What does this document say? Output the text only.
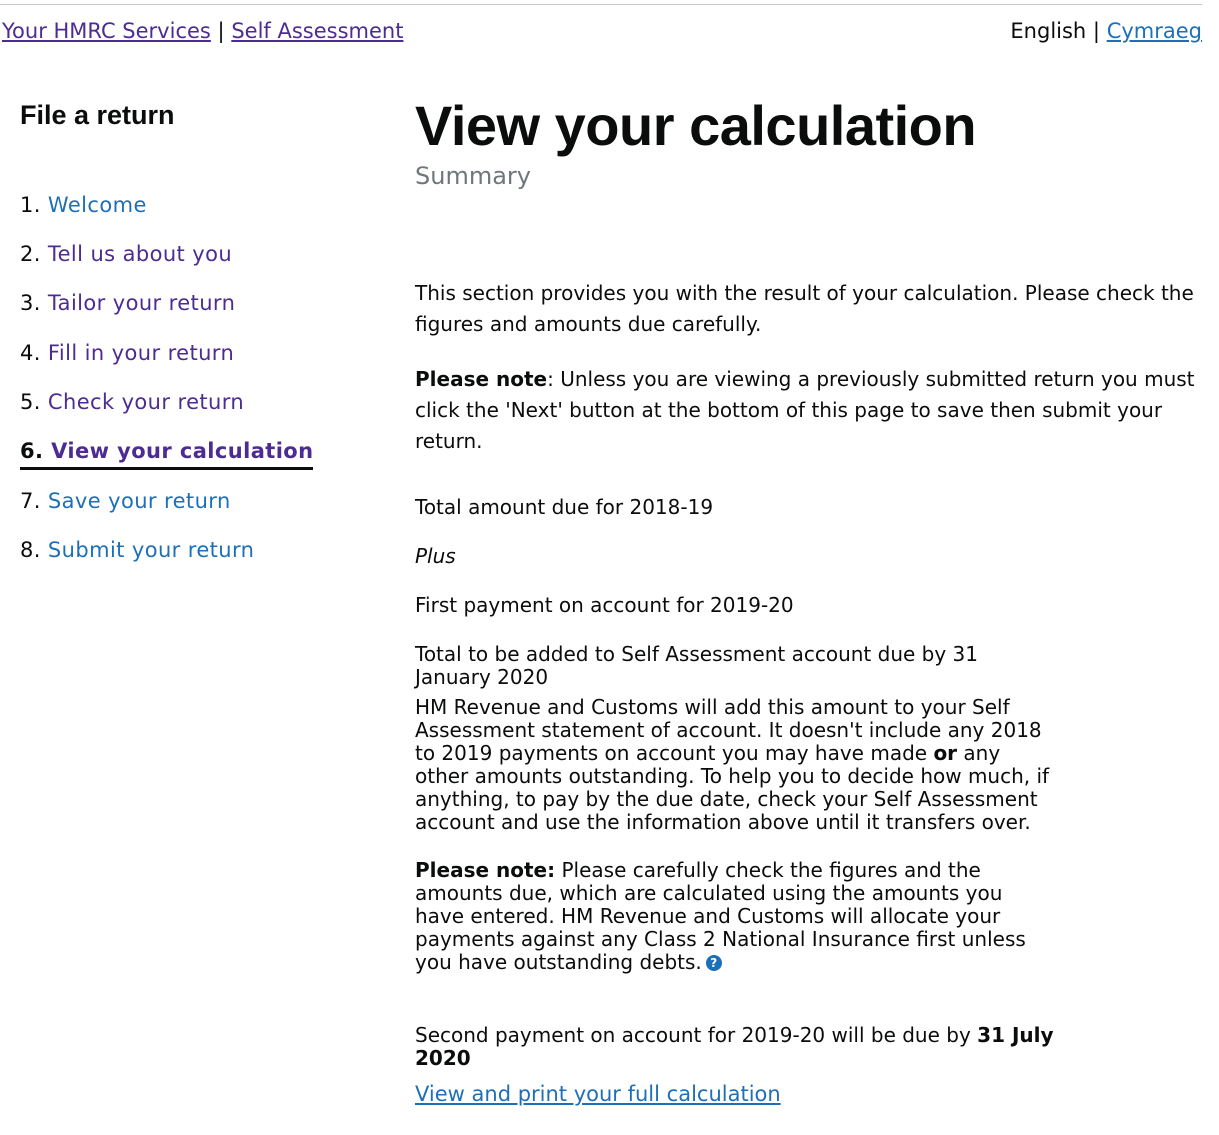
Your HMRC Services | Self Assessment	English | Cymraeg
File a return
1. Welcome
2. Tell us about you
3. Tailor your return
4. Fill in your return
5. Check your return
6. View your calculation
7. Save your return
8. Submit your return
View your calculation
Summary

This section provides you with the result of your calculation. Please check the figures and amounts due carefully.

Please note: Unless you are viewing a previously submitted return you must click the 'Next' button at the bottom of this page to save then submit your return.

Total amount due for 2018-19

Plus

First payment on account for 2019-20

Total to be added to Self Assessment account due by 31 January 2020

HM Revenue and Customs will add this amount to your Self Assessment statement of account. It doesn't include any 2018 to 2019 payments on account you may have made or any other amounts outstanding. To help you to decide how much, if anything, to pay by the due date, check your Self Assessment account and use the information above until it transfers over.

Please note: Please carefully check the figures and the amounts due, which are calculated using the amounts you have entered. HM Revenue and Customs will allocate your payments against any Class 2 National Insurance first unless you have outstanding debts. ?

Second payment on account for 2019-20 will be due by 31 July 2020

View and print your full calculation
